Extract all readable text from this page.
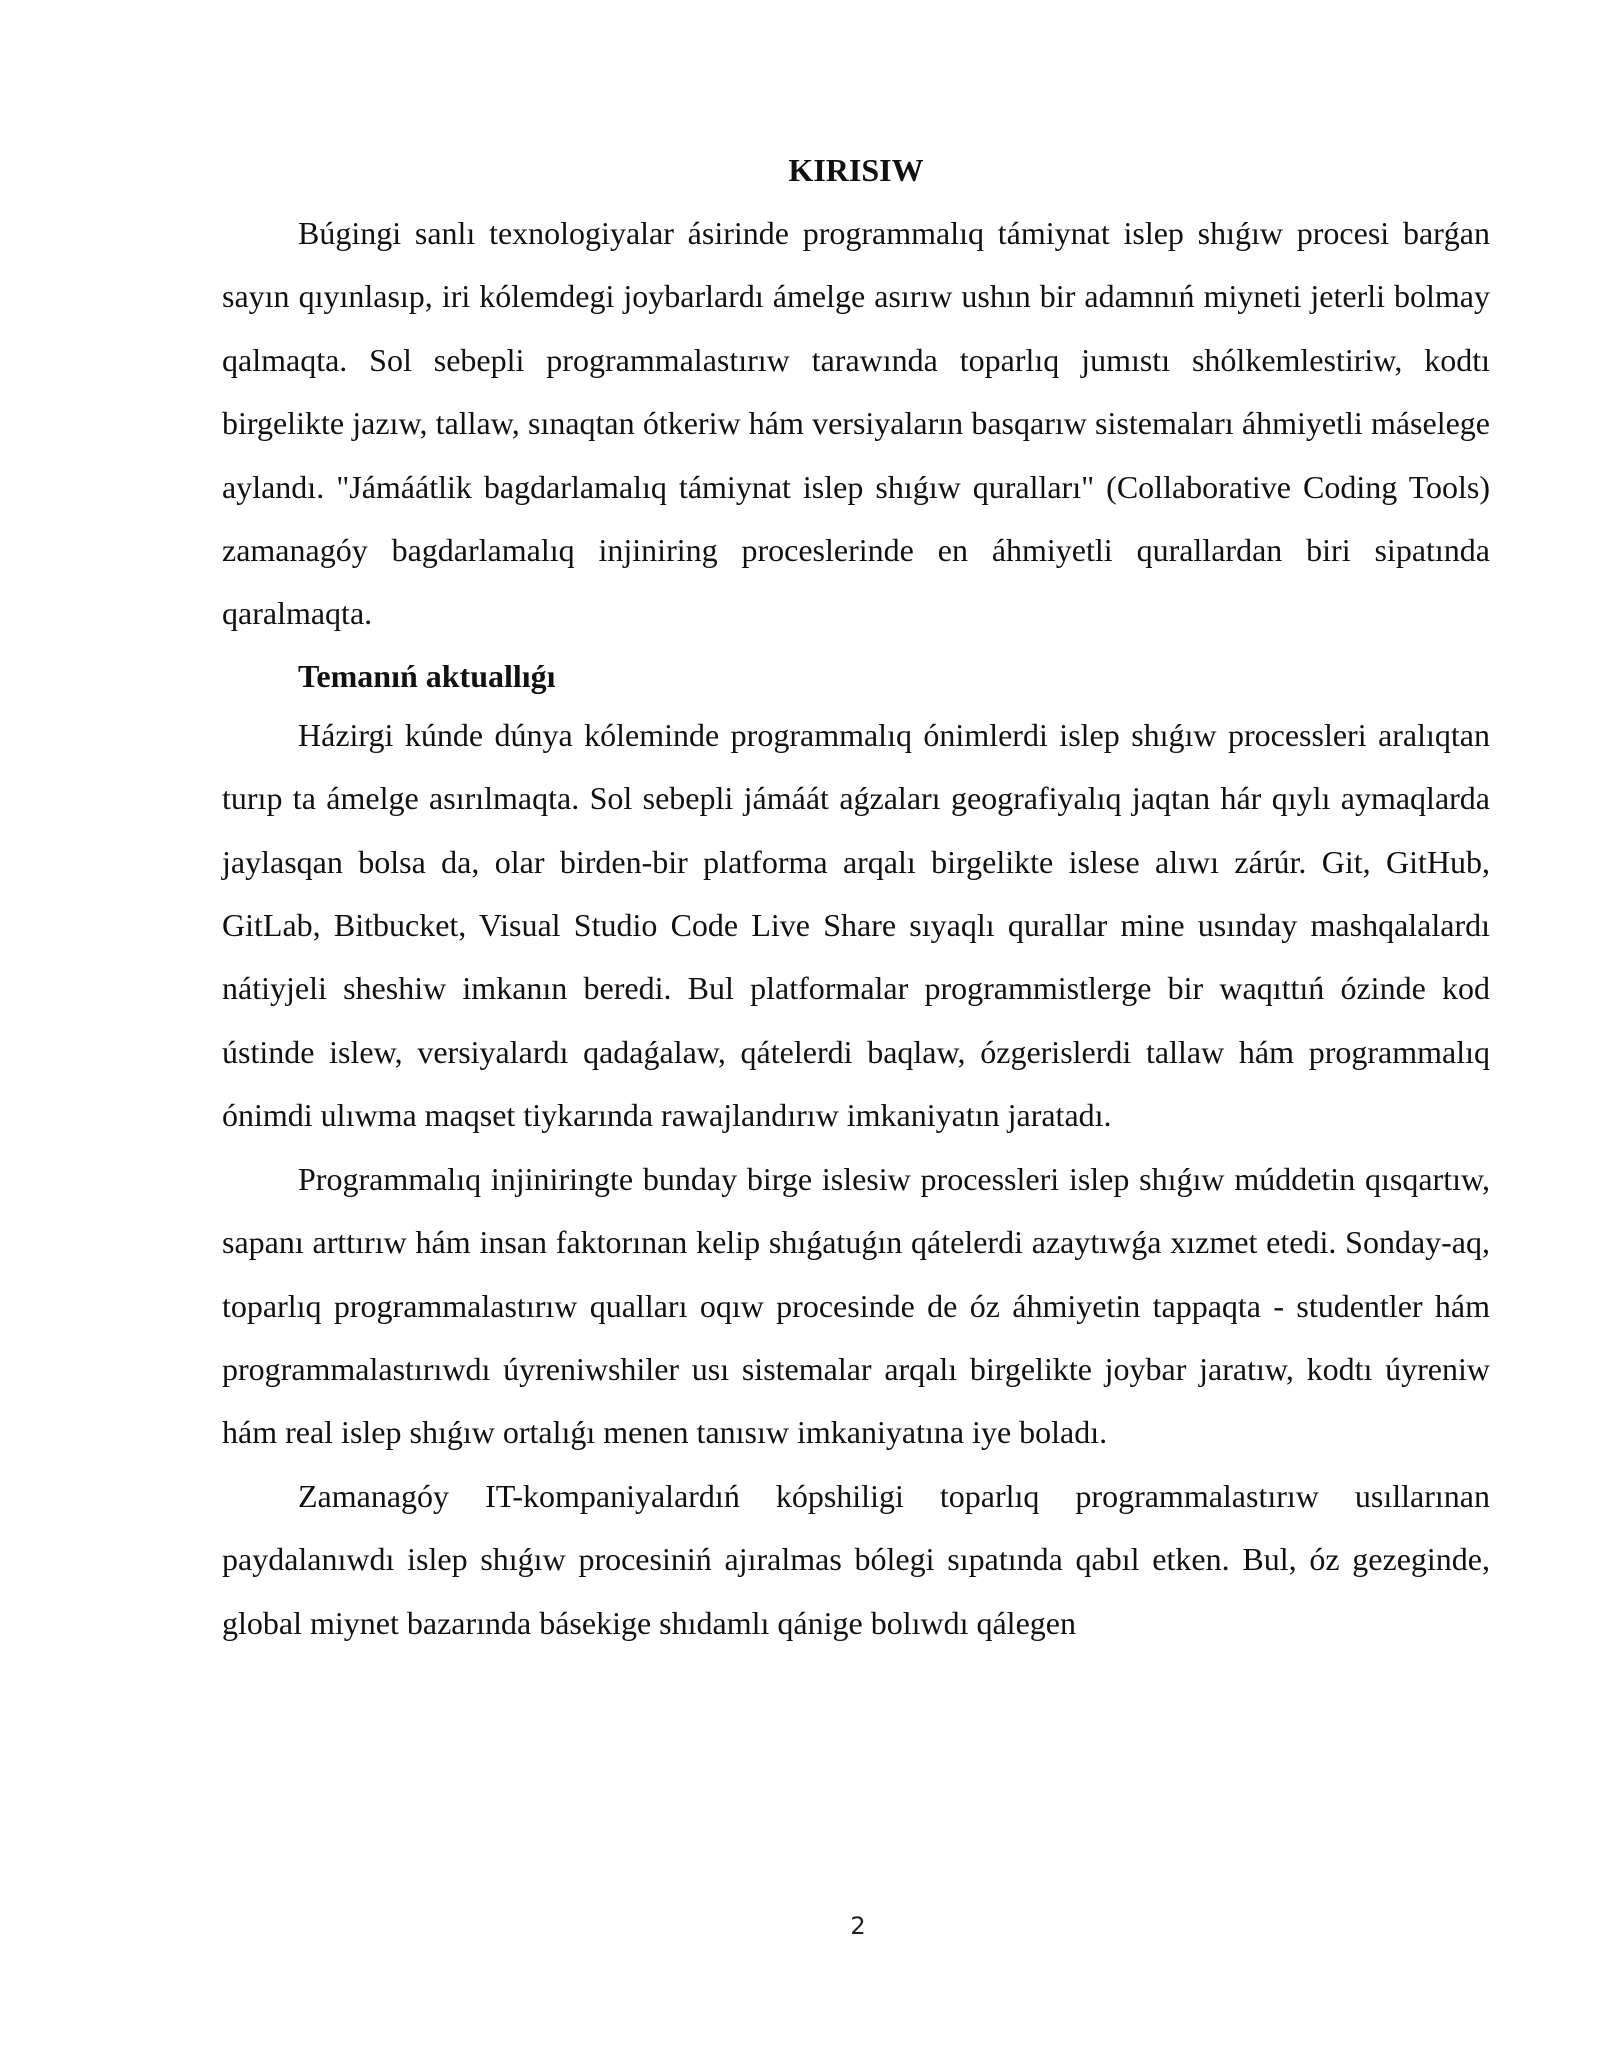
KIRISIW

Búgingi sanlı texnologiyalar ásirinde programmalıq támiynat islep shıǵıw procesi barǵan sayın qıyınlasıp, iri kólemdegi joybarlardı ámelge asırıw ushın bir adamnıń miyneti jeterli bolmay qalmaqta. Sol sebepli programmalastırıw tarawında toparlıq jumıstı shólkemlestiriw, kodtı birgelikte jazıw, tallaw, sınaqtan ótkeriw hám versiyaların basqarıw sistemaları áhmiyetli máselege aylandı. "Jámáátlik bagdarlamalıq támiynat islep shıǵıw quralları" (Collaborative Coding Tools) zamanagóy bagdarlamalıq injiniring proceslerinde en áhmiyetli qurallardan biri sipatında qaralmaqta.

Temanıń aktuallıǵı

Házirgi kúnde dúnya kóleminde programmalıq ónimlerdi islep shıǵıw processleri aralıqtan turıp ta ámelge asırılmaqta. Sol sebepli jámáát aǵzaları geografiyalıq jaqtan hár qıylı aymaqlarda jaylasqan bolsa da, olar birden-bir platforma arqalı birgelikte islese alıwı zárúr. Git, GitHub, GitLab, Bitbucket, Visual Studio Code Live Share sıyaqlı qurallar mine usınday mashqalalardı nátiyjeli sheshiw imkanın beredi. Bul platformalar programmistlerge bir waqıttıń ózinde kod ústinde islew, versiyalardı qadaǵalaw, qátelerdi baqlaw, ózgerislerdi tallaw hám programmalıq ónimdi ulıwma maqset tiykarında rawajlandırıw imkaniyatın jaratadı.

Programmalıq injiniringte bunday birge islesiw processleri islep shıǵıw múddetin qısqartıw, sapanı arttırıw hám insan faktorınan kelip shıǵatuǵın qátelerdi azaytıwǵa xızmet etedi. Sonday-aq, toparlıq programmalastırıw qualları oqıw procesinde de óz áhmiyetin tappaqta - studentler hám programmalastırıwdı úyreniwshiler usı sistemalar arqalı birgelikte joybar jaratıw, kodtı úyreniw hám real islep shıǵıw ortalıǵı menen tanısıw imkaniyatına iye boladı.

Zamanagóy IT-kompaniyalardıń kópshiligi toparlıq programmalastırıw usıllarınan paydalanıwdı islep shıǵıw procesiniń ajıralmas bólegi sıpatında qabıl etken. Bul, óz gezeginde, global miynet bazarında básekige shıdamlı qánige bolıwdı qálegen

2
